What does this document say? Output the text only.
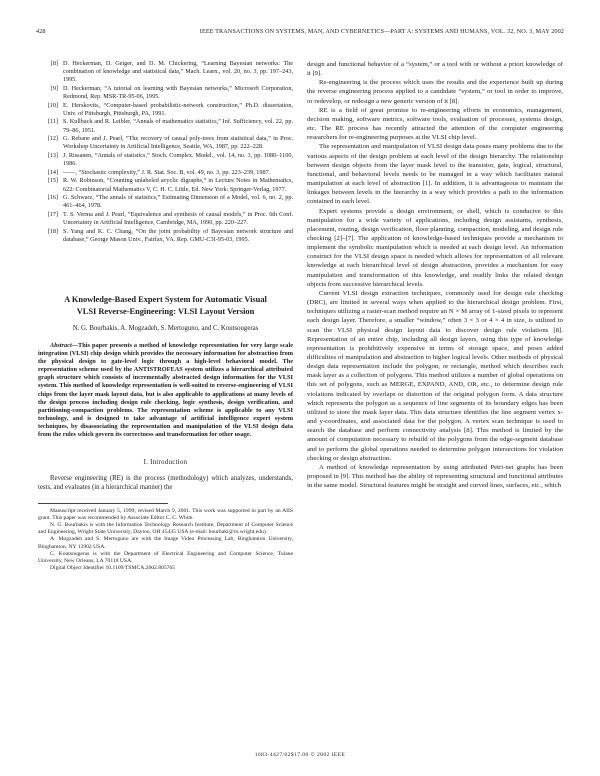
428	IEEE TRANSACTIONS ON SYSTEMS, MAN, AND CYBERNETICS—PART A: SYSTEMS AND HUMANS, VOL. 32, NO. 3, MAY 2002
[8] D. Heckerman, D. Geiger, and D. M. Chickering, “Learning Bayesian networks: The combination of knowledge and statistical data,” Mach. Learn., vol. 20, no. 3, pp. 197–243, 1995.
[9] D. Heckerman, “A tutorial on learning with Bayesian networks,” Microsoft Corporation, Redmond, Rep. MSR-TR-95-06, 1995.
[10] E. Herskovits, “Computer-based probabilistic-network construction,” Ph.D. dissertation, Univ. of Pittsburgh, Pittsburgh, PA, 1991.
[11] S. Kullback and R. Leibler, “Annals of mathematics statistics,” Inf. Sufficiency, vol. 22, pp. 79–86, 1951.
[12] G. Rebane and J. Pearl, “The recovery of causal poly-trees from statistical data,” in Proc. Workshop Uncertainty in Artificial Intelligence, Seattle, WA, 1987, pp. 222–228.
[13] J. Rissanen, “Annals of statistics,” Stoch. Complex. Model., vol. 14, no. 3, pp. 1080–1100, 1986.
[14] ——, “Stochastic complexity,” J. R. Stat. Soc. B, vol. 49, no. 3, pp. 223–239, 1987.
[15] R. W. Robinson, “Counting unlabeled acyclic digraphs,” in Lecture Notes in Mathematics, 622: Combinatorial Mathematics V, C. H. C. Little, Ed. New York: Springer-Verlag, 1977.
[16] G. Schwarz, “The annals of statistics,” Estimating Dimension of a Model, vol. 6, no. 2, pp. 461–464, 1978.
[17] T. S. Verma and J. Pearl, “Equivalence and synthesis of causal models,” in Proc. 6th Conf. Uncertainty in Artificial Intelligence, Cambridge, MA, 1990, pp. 220–227.
[18] S. Yang and K. C. Chang, “On the joint probability of Bayesian network structure and database,” George Mason Univ., Fairfax, VA. Rep. GMU-C3I-95-03, 1995.
A Knowledge-Based Expert System for Automatic Visual
VLSI Reverse-Engineering: VLSI Layout Version
N. G. Bourbakis, A. Mogzadeh, S. Mertoguno, and C. Koutsougeras

Abstract—This paper presents a method of knowledge representation for very large scale integration (VLSI) chip design which provides the necessary information for abstraction from the physical design to gate-level logic through a high-level behavioral model. The representation scheme used by the ANTISTROFEAS system utilizes a hierarchical attributed graph structure which consists of incrementally abstracted design information for the VLSI system. This method of knowledge representation is well-suited to reverse-engineering of VLSI chips from the layer mask layout data, but is also applicable to applications at many levels of the design process including design rule checking, logic synthesis, design verification, and partitioning-compaction problems. The representation scheme is applicable to any VLSI technology, and is designed to take advantage of artificial intelligence expert system techniques, by disassociating the representation and manipulation of the VLSI design data from the rules which govern its correctness and transformation for other usage.

I. Introduction

Reverse engineering (RE) is the process (methodology) which analyzes, understands, tests, and evaluates (in a hierarchical manner) the

Manuscript received January 5, 1999; revised March 9, 2001. This work was supported in part by an AIIS grant. This paper was recommended by Associate Editor C. C. White.

N. G. Bourbakis is with the Information Technology Research Institute, Department of Computer Science and Engineering, Wright State University, Dayton, OH 45435 USA (e-mail: bourbaki@cs.wright.edu).

A. Mogzadeh and S. Mertoguno are with the Image Video Processing Lab, Binghamton University, Binghamton, NY 13902 USA.

C. Koutsougeras is with the Department of Electrical Engineering and Computer Science, Tulane University, New Orleans, LA 70118 USA.

Digital Object Identifier 10.1109/TSMCA.2002.805765

design and functional behavior of a “system,” or a tool with or without a priori knowledge of it [9].

Re-engineering is the process which uses the results and the experience built up during the reverse engineering process applied to a candidate “system,” or tool in order to improve, or redevelop, or redesign a new generic version of it [8].

RE is a field of great promise to re-engineering efforts in economics, management, decision making, software metrics, software tools, evaluation of processes, systems design, etc. The RE process has recently attracted the attention of the computer engineering researchers for re-engineering purposes at the VLSI chip level.

The representation and manipulation of VLSI design data poses many problems due to the various aspects of the design problem at each level of the design hierarchy. The relationship between design objects from the layer mask level to the transistor, gate, logical, structural, functional, and behavioral levels needs to be managed in a way which facilitates natural manipulation at each level of abstraction [1]. In addition, it is advantageous to maintain the linkages between levels in the hierarchy in a way which provides a path to the information contained in each level.

Expert systems provide a design environment, or shell, which is conducive to this manipulation for a wide variety of applications, including design assistants, synthesis, placement, routing, design verification, floor planning, compaction, modeling, and design rule checking [2]–[7]. The application of knowledge-based techniques provide a mechanism to implement the symbolic manipulation which is needed at each design level. An information construct for the VLSI design space is needed which allows for representation of all relevant knowledge at each hierarchical level of design abstraction, provides a mechanism for easy manipulation and transformation of this knowledge, and readily links the related design objects from successive hierarchical levels.

Current VLSI design extraction techniques, commonly used for design rule checking (DRC), are limited in several ways when applied to the hierarchical design problem. First, techniques utilizing a raster-scan method require an N × M array of 1-sized pixels to represent each design layer. Therefore, a smaller “window,” often 3 × 3 or 4 × 4 in size, is utilized to scan the VLSI physical design layout data to discover design rule violations [8]. Representation of an entire chip, including all design layers, using this type of knowledge representation is prohibitively expensive in terms of storage space, and poses added difficulties of manipulation and abstraction to higher logical levels. Other methods of physical design data representation include the polygon, or rectangle, method which describes each mask layer as a collection of polygons. This method utilizes a number of global operations on this set of polygons, such as MERGE, EXPAND, AND, OR, etc., to determine design rule violations indicated by overlaps or distortion of the original polygon form. A data structure which represents the polygon as a sequence of line segments of its boundary edges has been utilized to store the mask layer data. This data structure identifies the line segment vertex x- and y-coordinates, and associated data for the polygon. A vertex scan technique is used to search the database and perform connectivity analysis [8]. This method is limited by the amount of computation necessary to rebuild of the polygons from the edge-segment database and to perform the global operations needed to determine polygon intersections for violation checking or design abstraction.

A method of knowledge representation by using attributed Petri-net graphs has been proposed in [9]. This method has the ability of representing structural and functional attributes in the same model. Structural features might be straight and curved lines, surfaces, etc., which

1083-4427/02$17.00 © 2002 IEEE
